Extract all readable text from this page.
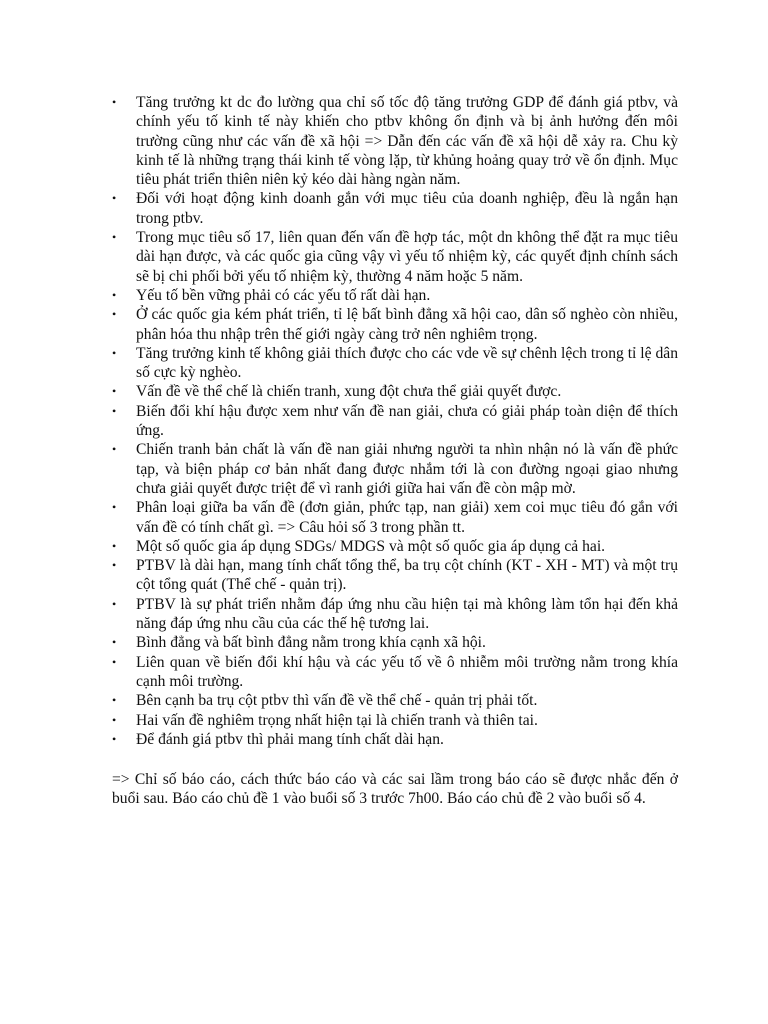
• Tăng trưởng kt dc đo lường qua chỉ số tốc độ tăng trưởng GDP để đánh giá ptbv, và chính yếu tố kinh tế này khiến cho ptbv không ổn định và bị ảnh hưởng đến môi trường cũng như các vấn đề xã hội => Dẫn đến các vấn đề xã hội dễ xảy ra. Chu kỳ kinh tế là những trạng thái kinh tế vòng lặp, từ khủng hoảng quay trở về ổn định. Mục tiêu phát triển thiên niên kỷ kéo dài hàng ngàn năm.
• Đối với hoạt động kinh doanh gắn với mục tiêu của doanh nghiệp, đều là ngắn hạn trong ptbv.
• Trong mục tiêu số 17, liên quan đến vấn đề hợp tác, một dn không thể đặt ra mục tiêu dài hạn được, và các quốc gia cũng vậy vì yếu tố nhiệm kỳ, các quyết định chính sách sẽ bị chi phối bởi yếu tố nhiệm kỳ, thường 4 năm hoặc 5 năm.
• Yếu tố bền vững phải có các yếu tố rất dài hạn.
• Ở các quốc gia kém phát triển, tỉ lệ bất bình đẳng xã hội cao, dân số nghèo còn nhiều, phân hóa thu nhập trên thế giới ngày càng trở nên nghiêm trọng.
• Tăng trưởng kinh tế không giải thích được cho các vde về sự chênh lệch trong tỉ lệ dân số cực kỳ nghèo.
• Vấn đề về thể chế là chiến tranh, xung đột chưa thể giải quyết được.
• Biến đổi khí hậu được xem như vấn đề nan giải, chưa có giải pháp toàn diện để thích ứng.
• Chiến tranh bản chất là vấn đề nan giải nhưng người ta nhìn nhận nó là vấn đề phức tạp, và biện pháp cơ bản nhất đang được nhắm tới là con đường ngoại giao nhưng chưa giải quyết được triệt để vì ranh giới giữa hai vấn đề còn mập mờ.
• Phân loại giữa ba vấn đề (đơn giản, phức tạp, nan giải) xem coi mục tiêu đó gắn với vấn đề có tính chất gì. => Câu hỏi số 3 trong phần tt.
• Một số quốc gia áp dụng SDGs/ MDGS và một số quốc gia áp dụng cả hai.
• PTBV là dài hạn, mang tính chất tổng thể, ba trụ cột chính (KT - XH - MT) và một trụ cột tổng quát (Thể chế - quản trị).
• PTBV là sự phát triển nhằm đáp ứng nhu cầu hiện tại mà không làm tổn hại đến khả năng đáp ứng nhu cầu của các thế hệ tương lai.
• Bình đẳng và bất bình đẳng nằm trong khía cạnh xã hội.
• Liên quan về biến đổi khí hậu và các yếu tố về ô nhiễm môi trường nằm trong khía cạnh môi trường.
• Bên cạnh ba trụ cột ptbv thì vấn đề về thể chế - quản trị phải tốt.
• Hai vấn đề nghiêm trọng nhất hiện tại là chiến tranh và thiên tai.
• Để đánh giá ptbv thì phải mang tính chất dài hạn.

=> Chỉ số báo cáo, cách thức báo cáo và các sai lầm trong báo cáo sẽ được nhắc đến ở buổi sau. Báo cáo chủ đề 1 vào buổi số 3 trước 7h00. Báo cáo chủ đề 2 vào buổi số 4.
